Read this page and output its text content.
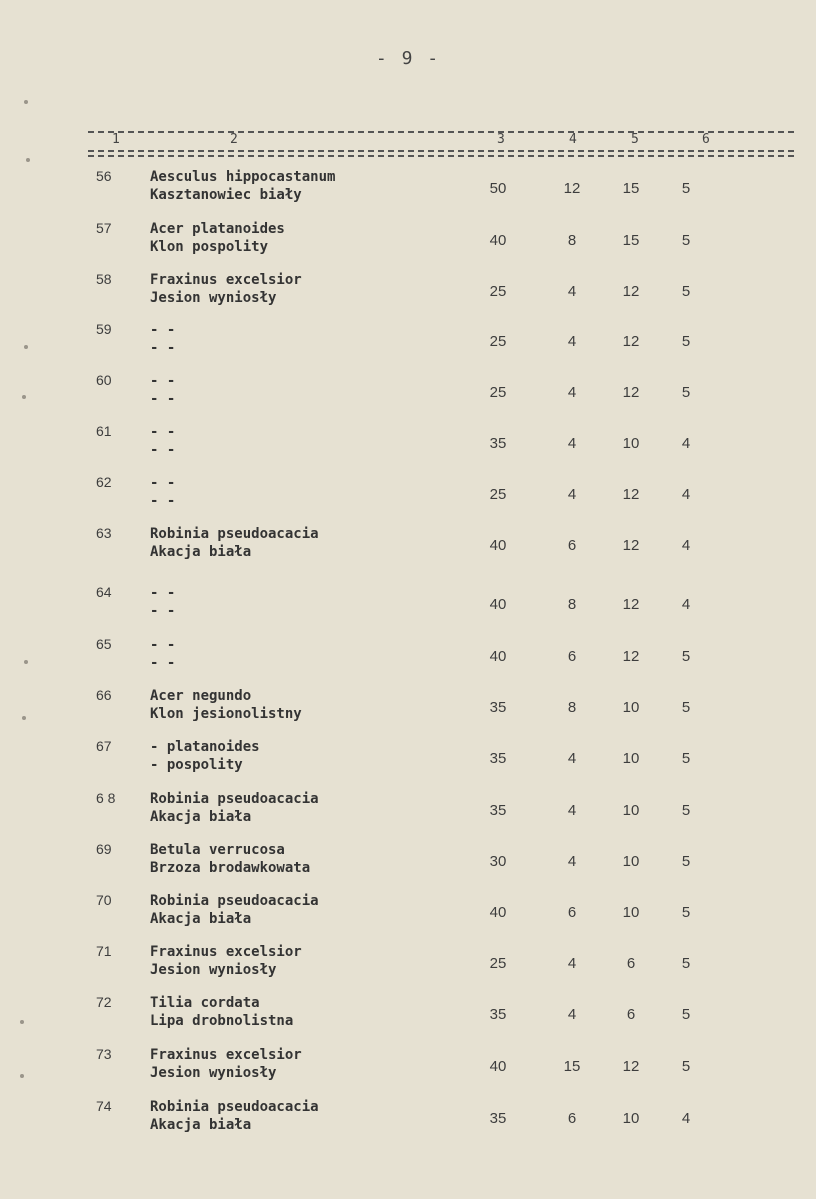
- 9 -
1	2	3	4	5	6
56	Aesculus hippocastanum
Kasztanowiec biały	50	12	15	5
57	Acer platanoides
Klon pospolity	40	8	15	5
58	Fraxinus excelsior
Jesion wyniosły	25	4	12	5
59	- -
- -	25	4	12	5
60	- -
- -	25	4	12	5
61	- -
- -	35	4	10	4
62	- -
- -	25	4	12	4
63	Robinia pseudoacacia
Akacja biała	40	6	12	4
64	- -
- -	40	8	12	4
65	- -
- -	40	6	12	5
66	Acer negundo
Klon jesionolistny	35	8	10	5
67	- platanoides
- pospolity	35	4	10	5
6 8 Robinia pseudoacacia
Akacja biała	35	4	10	5
69	Betula verrucosa
Brzoza brodawkowata	30	4	10	5
70	Robinia pseudoacacia
Akacja biała	40	6	10	5
71	Fraxinus excelsior
Jesion wyniosły	25	4	6	5
72	Tilia cordata
Lipa drobnolistna	35	4	6	5
73	Fraxinus excelsior
Jesion wyniosły	40	15	12	5
74	Robinia pseudoacacia
Akacja biała	35	6	10	4
